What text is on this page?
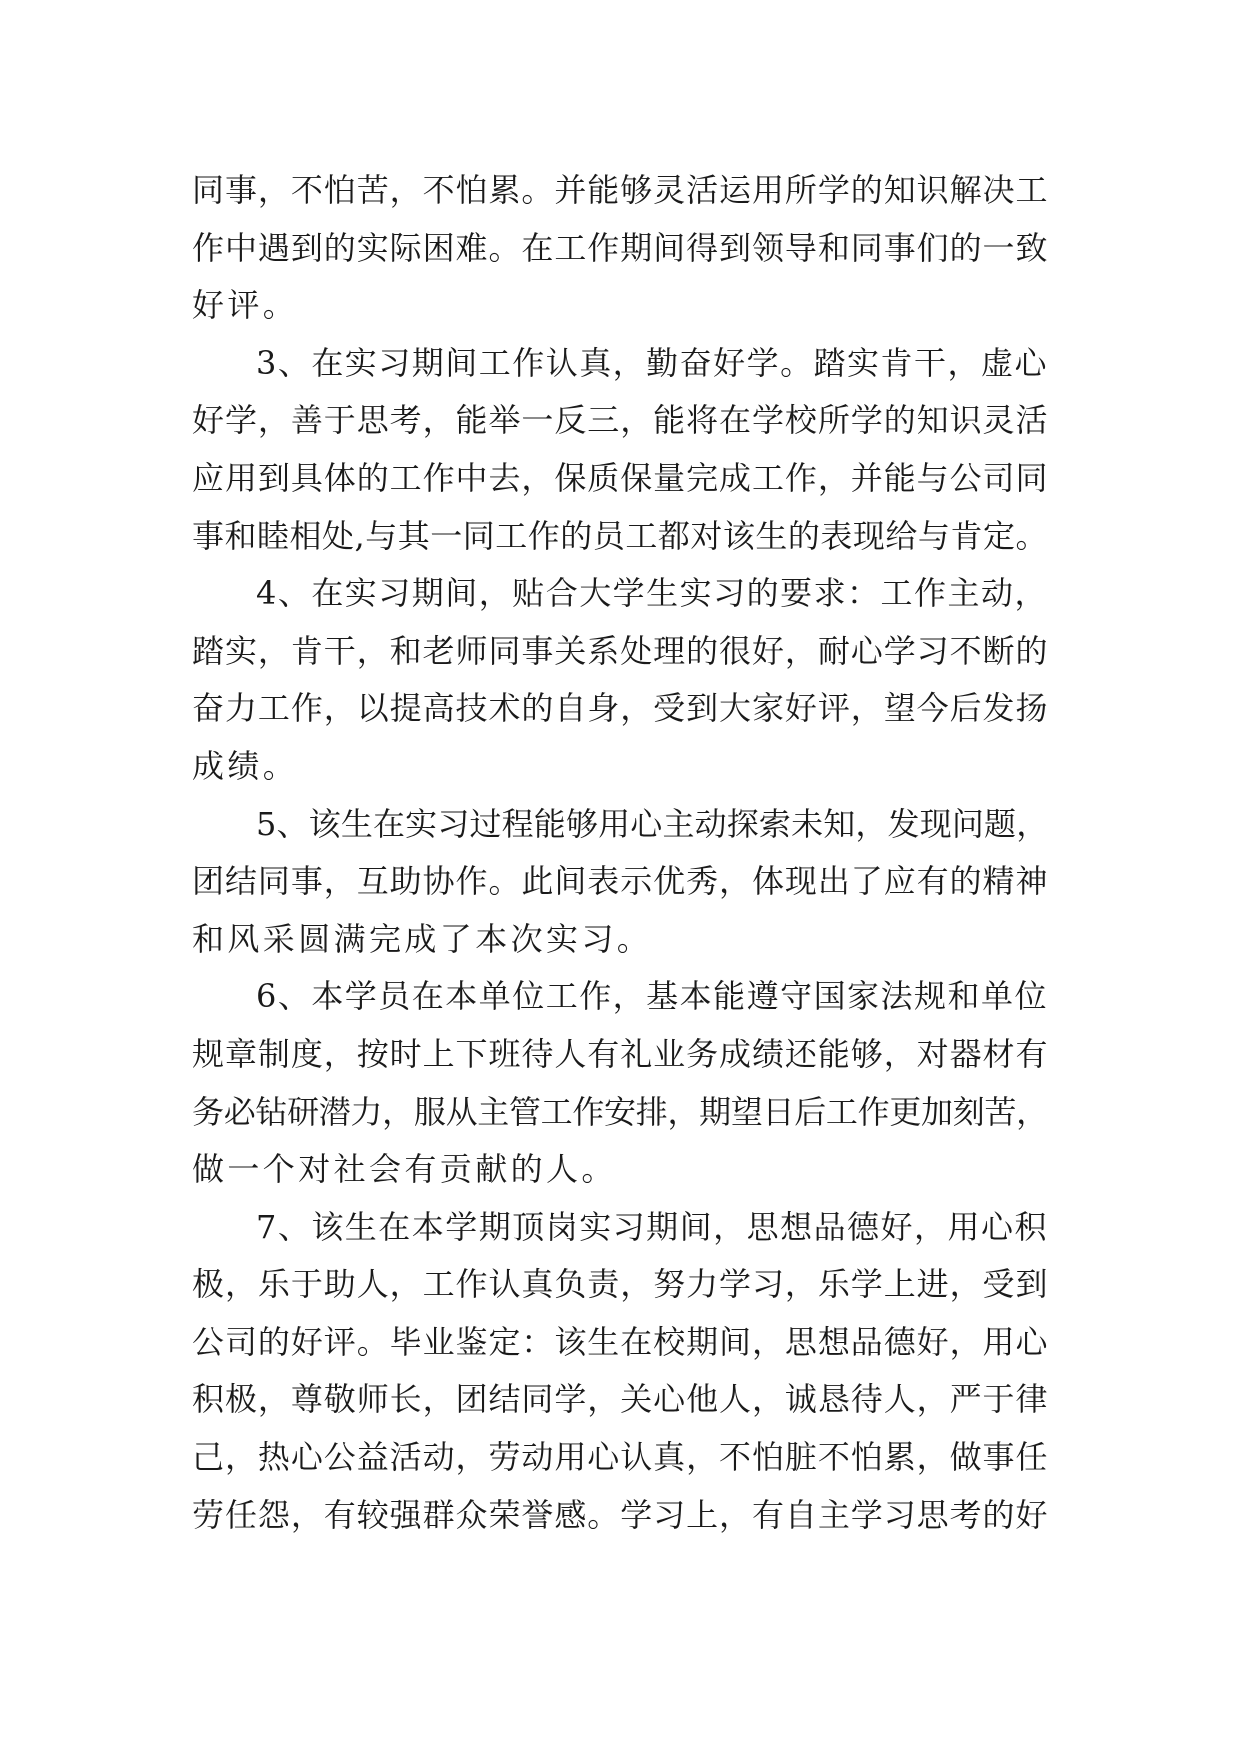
同事，不怕苦，不怕累。并能够灵活运用所学的知识解决工
作中遇到的实际困难。在工作期间得到领导和同事们的一致
好评。
3、在实习期间工作认真，勤奋好学。踏实肯干，虚心
好学，善于思考，能举一反三，能将在学校所学的知识灵活
应用到具体的工作中去，保质保量完成工作，并能与公司同
事和睦相处,与其一同工作的员工都对该生的表现给与肯定。
4、在实习期间，贴合大学生实习的要求：工作主动，
踏实，肯干，和老师同事关系处理的很好，耐心学习不断的
奋力工作，以提高技术的自身，受到大家好评，望今后发扬
成绩。
5、该生在实习过程能够用心主动探索未知，发现问题，
团结同事，互助协作。此间表示优秀，体现出了应有的精神
和风采圆满完成了本次实习。
6、本学员在本单位工作，基本能遵守国家法规和单位
规章制度，按时上下班待人有礼业务成绩还能够，对器材有
务必钻研潜力，服从主管工作安排，期望日后工作更加刻苦，
做一个对社会有贡献的人。
7、该生在本学期顶岗实习期间，思想品德好，用心积
极，乐于助人，工作认真负责，努力学习，乐学上进，受到
公司的好评。毕业鉴定：该生在校期间，思想品德好，用心
积极，尊敬师长，团结同学，关心他人，诚恳待人，严于律
己，热心公益活动，劳动用心认真，不怕脏不怕累，做事任
劳任怨，有较强群众荣誉感。学习上，有自主学习思考的好
